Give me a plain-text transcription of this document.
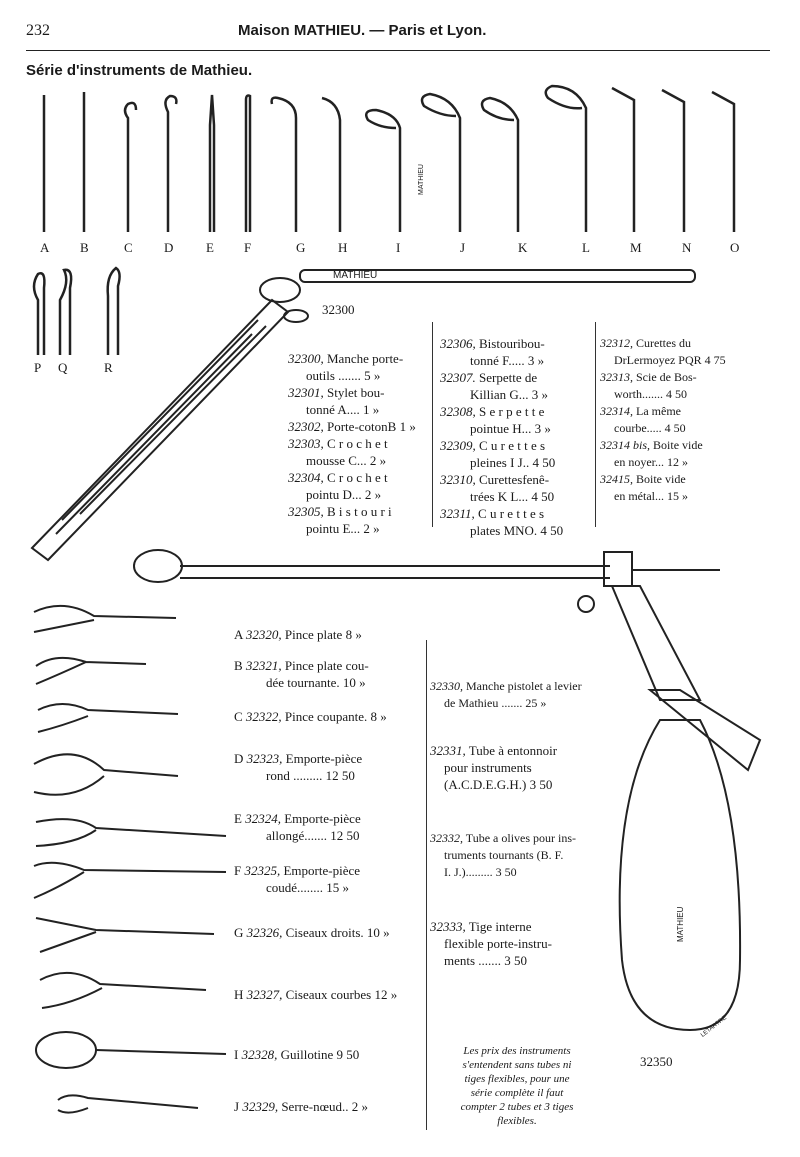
232	Maison MATHIEU. — Paris et Lyon.
Série d'instruments de Mathieu.
MATHIEU
MATHIEU
MATHIEU
LETARTRE
A B	C D	E F	G	H	I	J	K	L	M	N	O
P Q	R
32300
32300, Manche porte-
outils ....... 5 »
32301, Stylet bou-
tonné A.... 1 »
32302, Porte-cotonB 1 »
32303, C r o c h e t
mousse C... 2 »
32304, C r o c h e t
pointu D... 2 »
32305, B i s t o u r i
pointu E... 2 »
32306, Bistouribou-
tonné F..... 3 »
32307. Serpette de
Killian G... 3 »
32308, S e r p e t t e
pointue H... 3 »
32309, C u r e t t e s
pleines I J.. 4 50
32310, Curettesfenê-
trées K L... 4 50
32311, C u r e t t e s
plates MNO. 4 50
32312, Curettes du
DrLermoyez PQR 4 75
32313, Scie de Bos-
worth....... 4 50
32314, La même
courbe..... 4 50
32314 bis, Boite vide
en noyer... 12 »
32415, Boite vide
en métal... 15 »
A 32320, Pince plate 8 »
B 32321, Pince plate cou-
dée tournante. 10 »
C 32322, Pince coupante. 8 »
D 32323, Emporte-pièce
rond ......... 12 50
E 32324, Emporte-pièce
allongé....... 12 50
F 32325, Emporte-pièce
coudé........ 15 »
G 32326, Ciseaux droits. 10 »
H 32327, Ciseaux courbes 12 »
I 32328, Guillotine 9 50
J 32329, Serre-nœud.. 2 »
32330, Manche pistolet a levier
de Mathieu ....... 25 »
32331, Tube à entonnoir
pour instruments
(A.C.D.E.G.H.) 3 50
32332, Tube a olives pour ins-
truments tournants (B. F.
I. J.)......... 3 50
32333, Tige interne
flexible porte-instru-
ments ....... 3 50
Les prix des instruments
s'entendent sans tubes ni
tiges flexibles, pour une
série complète il faut
compter 2 tubes et 3 tiges
flexibles.
32350
